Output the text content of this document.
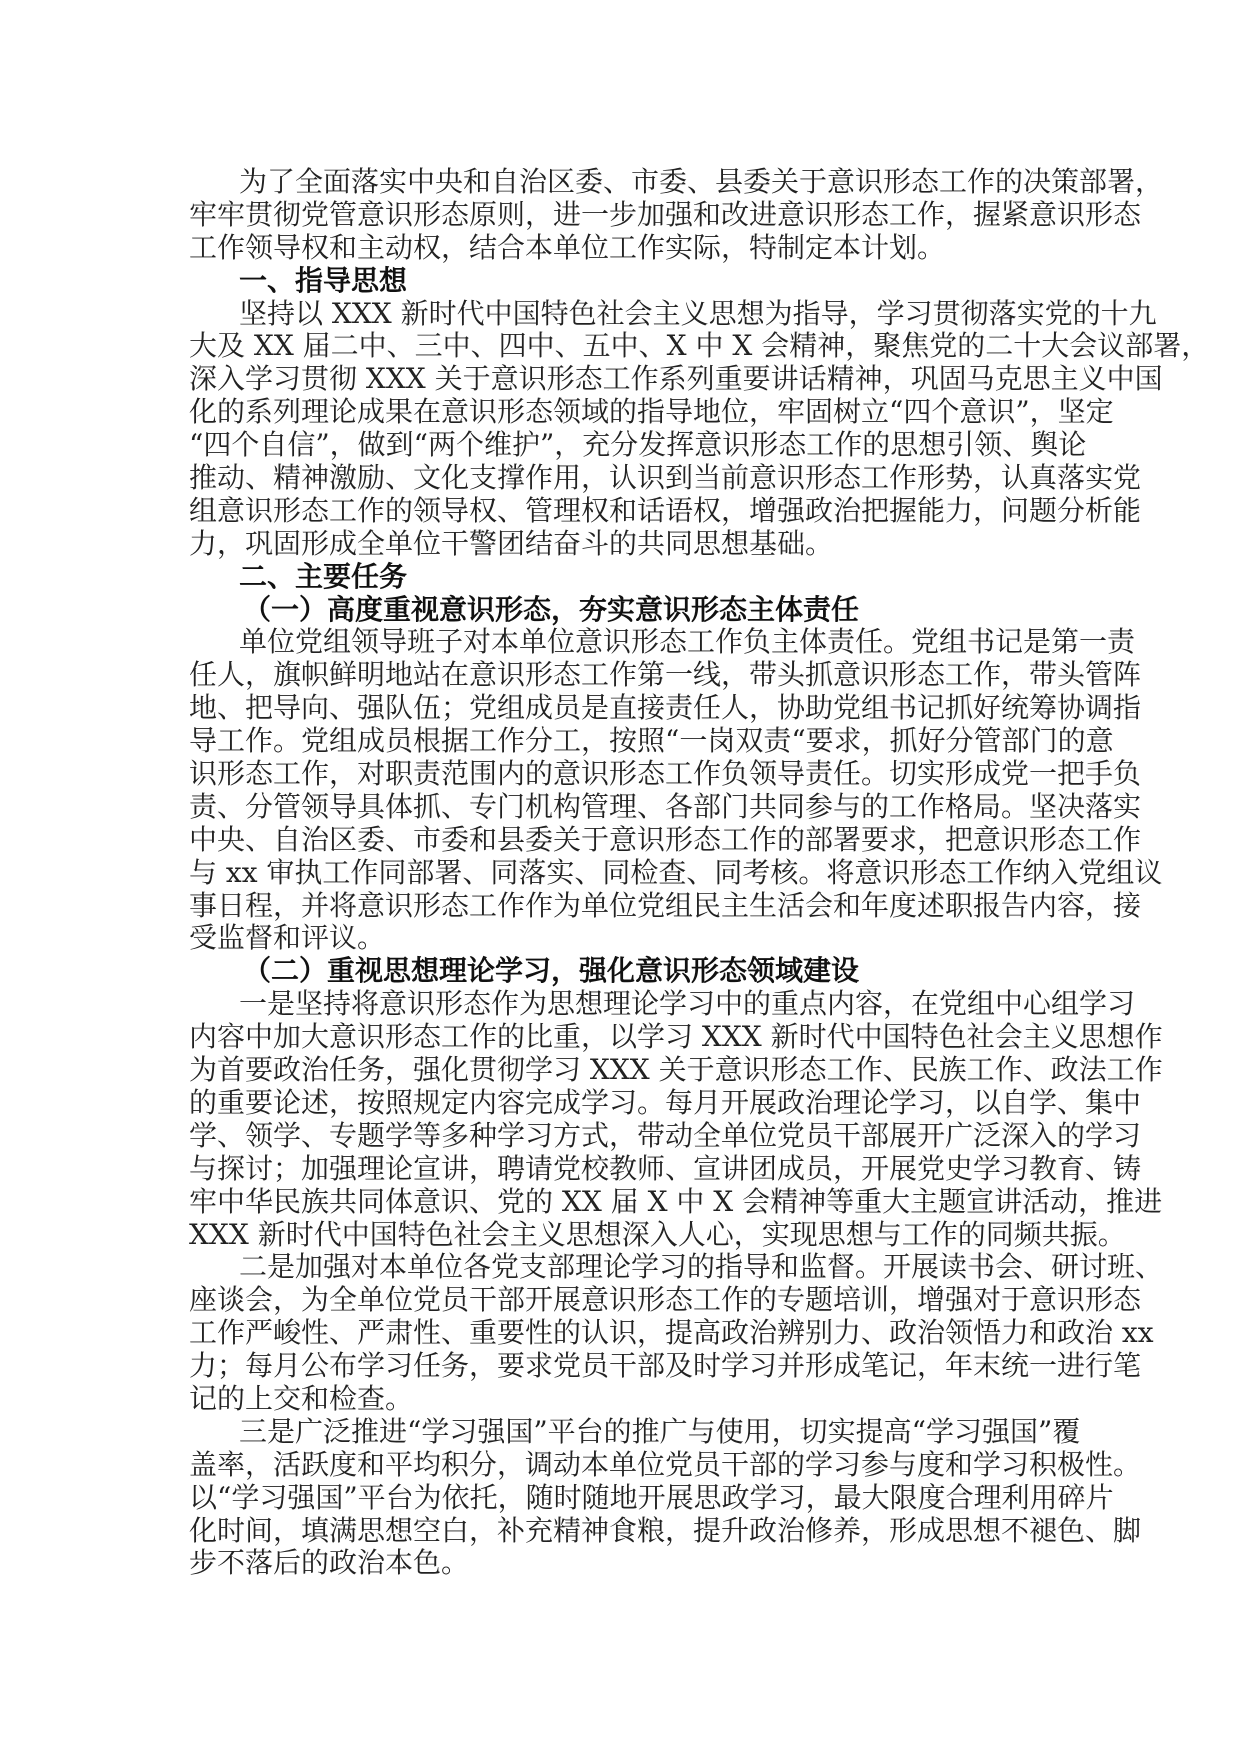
为了全面落实中央和自治区委、市委、县委关于意识形态工作的决策部署，
牢牢贯彻党管意识形态原则，进一步加强和改进意识形态工作，握紧意识形态
工作领导权和主动权，结合本单位工作实际，特制定本计划。
一、指导思想
坚持以 XXX 新时代中国特色社会主义思想为指导，学习贯彻落实党的十九
大及 XX 届二中、三中、四中、五中、X 中 X 会精神，聚焦党的二十大会议部署，
深入学习贯彻 XXX 关于意识形态工作系列重要讲话精神，巩固马克思主义中国
化的系列理论成果在意识形态领域的指导地位，牢固树立“四个意识”，坚定
“四个自信”，做到“两个维护”，充分发挥意识形态工作的思想引领、舆论
推动、精神激励、文化支撑作用，认识到当前意识形态工作形势，认真落实党
组意识形态工作的领导权、管理权和话语权，增强政治把握能力，问题分析能
力，巩固形成全单位干警团结奋斗的共同思想基础。
二、主要任务
（一）高度重视意识形态，夯实意识形态主体责任
单位党组领导班子对本单位意识形态工作负主体责任。党组书记是第一责
任人，旗帜鲜明地站在意识形态工作第一线，带头抓意识形态工作，带头管阵
地、把导向、强队伍；党组成员是直接责任人，协助党组书记抓好统筹协调指
导工作。党组成员根据工作分工，按照“一岗双责“要求，抓好分管部门的意
识形态工作，对职责范围内的意识形态工作负领导责任。切实形成党一把手负
责、分管领导具体抓、专门机构管理、各部门共同参与的工作格局。坚决落实
中央、自治区委、市委和县委关于意识形态工作的部署要求，把意识形态工作
与 xx 审执工作同部署、同落实、同检查、同考核。将意识形态工作纳入党组议
事日程，并将意识形态工作作为单位党组民主生活会和年度述职报告内容，接
受监督和评议。
（二）重视思想理论学习，强化意识形态领域建设
一是坚持将意识形态作为思想理论学习中的重点内容，在党组中心组学习
内容中加大意识形态工作的比重，以学习 XXX 新时代中国特色社会主义思想作
为首要政治任务，强化贯彻学习 XXX 关于意识形态工作、民族工作、政法工作
的重要论述，按照规定内容完成学习。每月开展政治理论学习，以自学、集中
学、领学、专题学等多种学习方式，带动全单位党员干部展开广泛深入的学习
与探讨；加强理论宣讲，聘请党校教师、宣讲团成员，开展党史学习教育、铸
牢中华民族共同体意识、党的 XX 届 X 中 X 会精神等重大主题宣讲活动，推进
XXX 新时代中国特色社会主义思想深入人心，实现思想与工作的同频共振。
二是加强对本单位各党支部理论学习的指导和监督。开展读书会、研讨班、
座谈会，为全单位党员干部开展意识形态工作的专题培训，增强对于意识形态
工作严峻性、严肃性、重要性的认识，提高政治辨别力、政治领悟力和政治 xx
力；每月公布学习任务，要求党员干部及时学习并形成笔记，年末统一进行笔
记的上交和检查。
三是广泛推进“学习强国”平台的推广与使用，切实提高“学习强国”覆
盖率，活跃度和平均积分，调动本单位党员干部的学习参与度和学习积极性。
以“学习强国”平台为依托，随时随地开展思政学习，最大限度合理利用碎片
化时间，填满思想空白，补充精神食粮，提升政治修养，形成思想不褪色、脚
步不落后的政治本色。
